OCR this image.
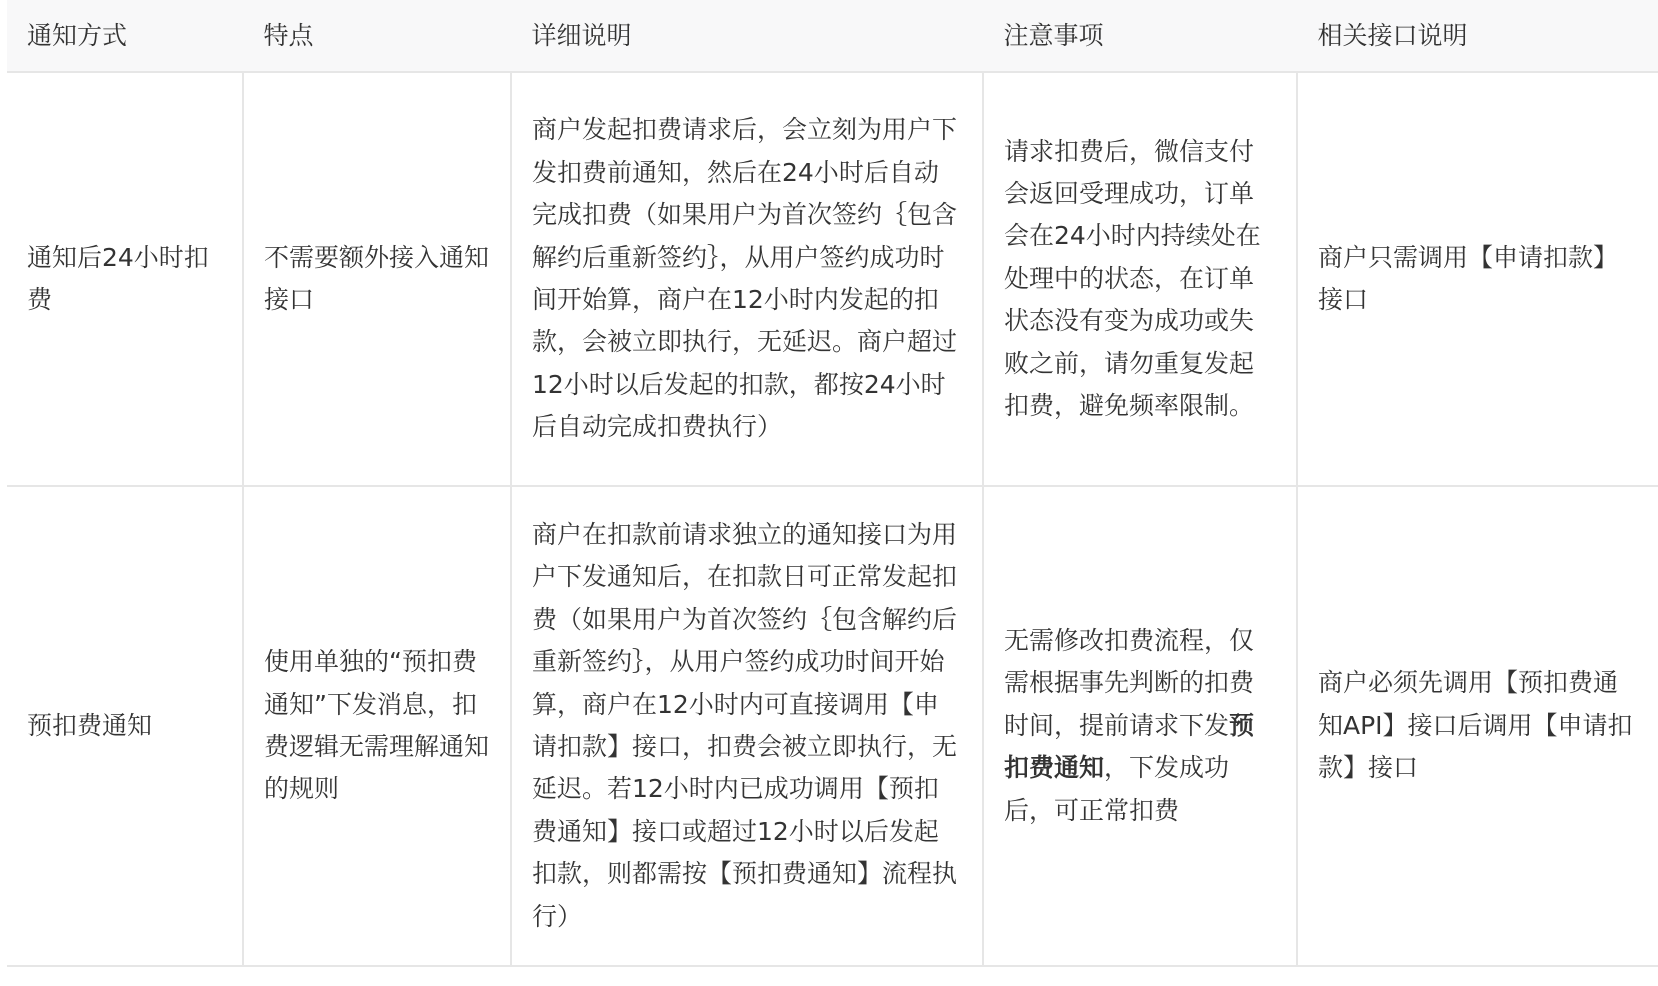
通知方式	特点	详细说明	注意事项	相关接口说明
通知后24小时扣费	不需要额外接入通知接口	商户发起扣费请求后，会立刻为用户下发扣费前通知，然后在24小时后自动完成扣费（如果用户为首次签约｛包含解约后重新签约｝，从用户签约成功时间开始算，商户在12小时内发起的扣款，会被立即执行，无延迟。商户超过12小时以后发起的扣款，都按24小时后自动完成扣费执行）	请求扣费后，微信支付会返回受理成功，订单会在24小时内持续处在处理中的状态，在订单状态没有变为成功或失败之前，请勿重复发起扣费，避免频率限制。	商户只需调用【申请扣款】接口
预扣费通知	使用单独的“预扣费通知”下发消息，扣费逻辑无需理解通知的规则	商户在扣款前请求独立的通知接口为用户下发通知后，在扣款日可正常发起扣费（如果用户为首次签约｛包含解约后重新签约｝，从用户签约成功时间开始算，商户在12小时内可直接调用【申请扣款】接口，扣费会被立即执行，无延迟。若12小时内已成功调用【预扣费通知】接口或超过12小时以后发起扣款，则都需按【预扣费通知】流程执行）	无需修改扣费流程，仅需根据事先判断的扣费时间，提前请求下发预扣费通知，下发成功后，可正常扣费	商户必须先调用【预扣费通知API】接口后调用【申请扣款】接口
